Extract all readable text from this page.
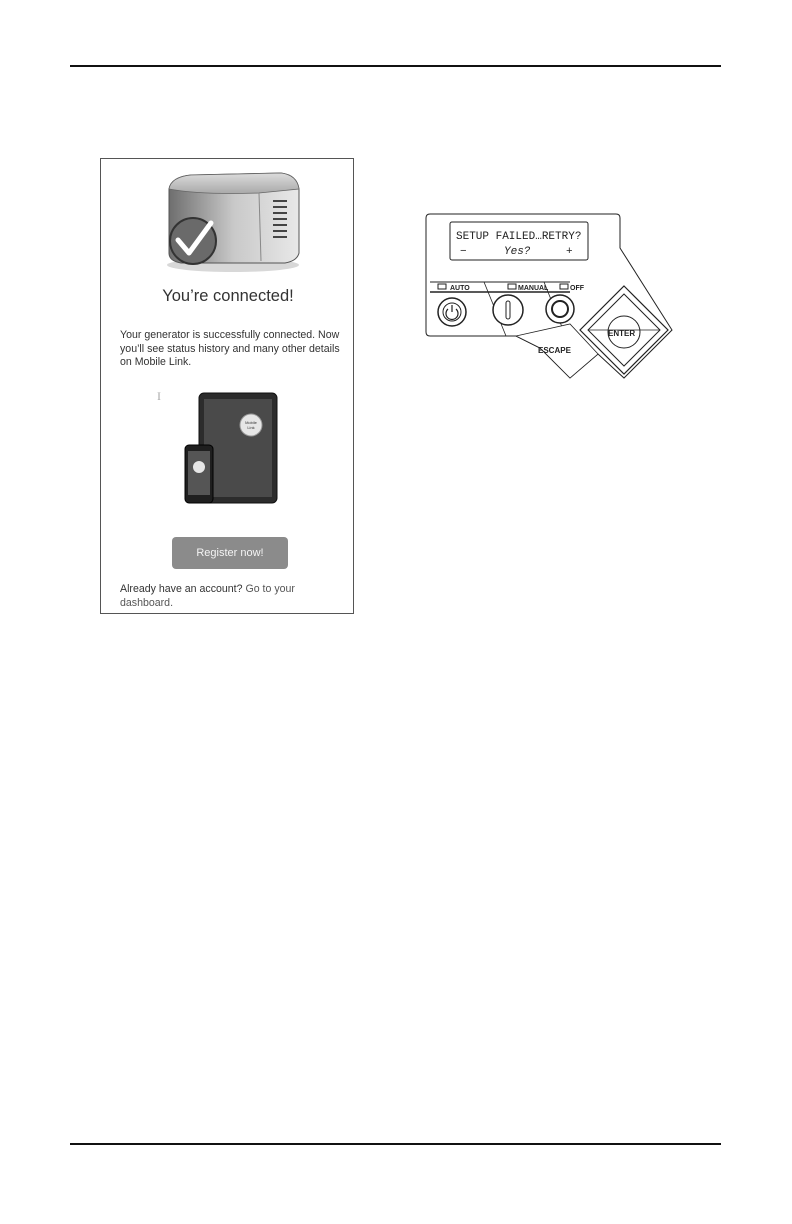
You’re connected!
Your generator is successfully connected. Now you’ll see status history and many other details on Mobile Link.
I
Mobile
Link
Register now!
Already have an account? Go to your dashboard.
SETUP FAILED…RETRY?
−	Yes?	+
AUTO	MANUAL	OFF
ESCAPE
ENTER
